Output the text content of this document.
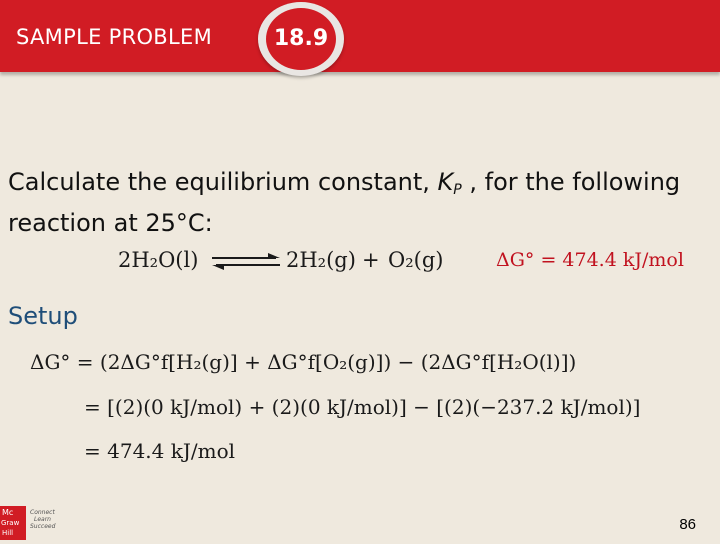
SAMPLE PROBLEM	18.9
Calculate the equilibrium constant, $K_P$ , for the following
reaction at 25°C:
2H₂O(l) ⇌ 2H₂(g) + O₂(g)	ΔG° = 474.4 kJ/mol
Setup
ΔG° = (2ΔG°f[H₂(g)] + ΔG°f[O₂(g)]) − (2ΔG°f[H₂O(l)])
= [(2)(0 kJ/mol) + (2)(0 kJ/mol)] − [(2)(−237.2 kJ/mol)]
= 474.4 kJ/mol
Mc
Graw
Hill
Connect
Learn
Succeed	86
